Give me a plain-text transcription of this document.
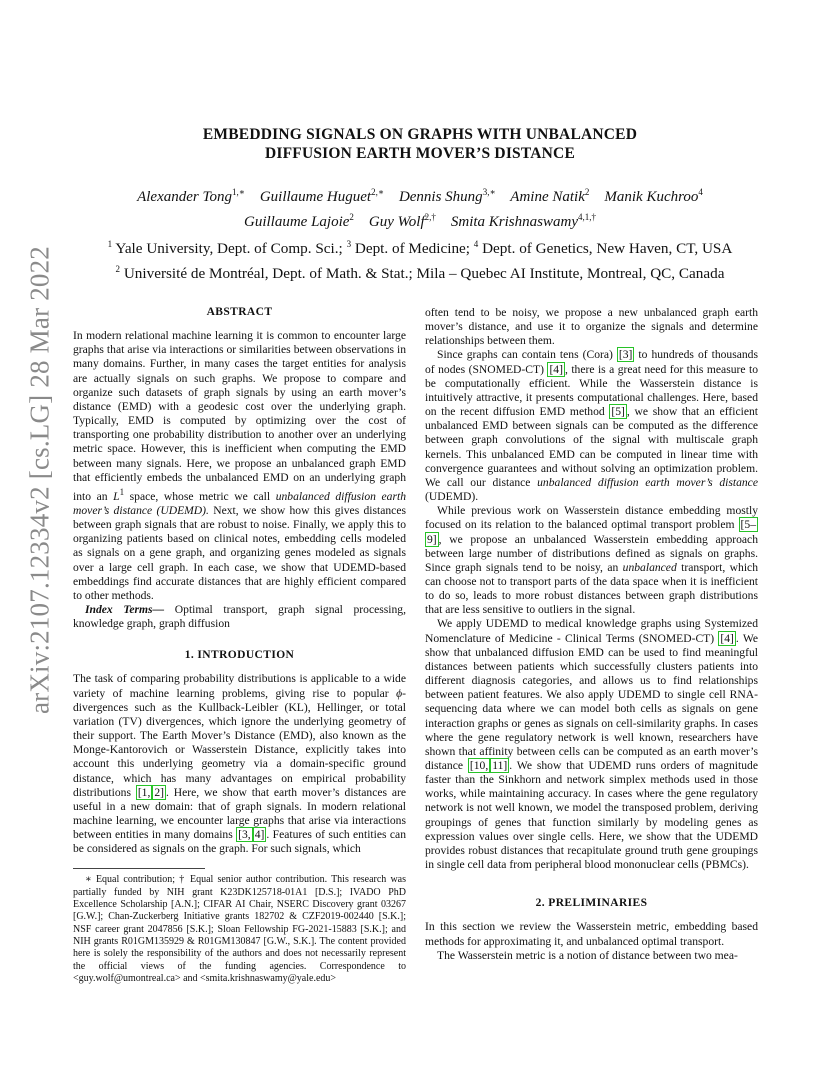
arXiv:2107.12334v2 [cs.LG] 28 Mar 2022
EMBEDDING SIGNALS ON GRAPHS WITH UNBALANCED
DIFFUSION EARTH MOVER’S DISTANCE
Alexander Tong$^{1,∗}$ Guillaume Huguet$^{2,∗}$ Dennis Shung$^{3,∗}$ Amine Natik$^2$ Manik Kuchroo$^4$
Guillaume Lajoie$^2$ Guy Wolf$^{2,\dagger}$ Smita Krishnaswamy$^{4,1,\dagger}$
$^1$ Yale University, Dept. of Comp. Sci.; $^3$ Dept. of Medicine; $^4$ Dept. of Genetics, New Haven, CT, USA
$^2$ Université de Montréal, Dept. of Math. & Stat.; Mila – Quebec AI Institute, Montreal, QC, Canada
ABSTRACT

In modern relational machine learning it is common to encounter large graphs that arise via interactions or similarities between observations in many domains. Further, in many cases the target entities for analysis are actually signals on such graphs. We propose to compare and organize such datasets of graph signals by using an earth mover’s distance (EMD) with a geodesic cost over the underlying graph. Typically, EMD is computed by optimizing over the cost of transporting one probability distribution to another over an underlying metric space. However, this is inefficient when computing the EMD between many signals. Here, we propose an unbalanced graph EMD that efficiently embeds the unbalanced EMD on an underlying graph into an $L^1$ space, whose metric we call unbalanced diffusion earth mover’s distance (UDEMD). Next, we show how this gives distances between graph signals that are robust to noise. Finally, we apply this to organizing patients based on clinical notes, embedding cells modeled as signals on a gene graph, and organizing genes modeled as signals over a large cell graph. In each case, we show that UDEMD-based embeddings find accurate distances that are highly efficient compared to other methods.

Index Terms— Optimal transport, graph signal processing, knowledge graph, graph diffusion

1. INTRODUCTION

The task of comparing probability distributions is applicable to a wide variety of machine learning problems, giving rise to popular ϕ-divergences such as the Kullback-Leibler (KL), Hellinger, or total variation (TV) divergences, which ignore the underlying geometry of their support. The Earth Mover’s Distance (EMD), also known as the Monge-Kantorovich or Wasserstein Distance, explicitly takes into account this underlying geometry via a domain-specific ground distance, which has many advantages on empirical probability distributions [1, 2] . Here, we show that earth mover’s distances are useful in a new domain: that of graph signals. In modern relational machine learning, we encounter large graphs that arise via interactions between entities in many domains [3, 4] . Features of such entities can be considered as signals on the graph. For such signals, which

∗ Equal contribution; † Equal senior author contribution. This research was partially funded by NIH grant K23DK125718-01A1 [D.S.]; IVADO PhD Excellence Scholarship [A.N.]; CIFAR AI Chair, NSERC Discovery grant 03267 [G.W.]; Chan-Zuckerberg Initiative grants 182702 & CZF2019-002440 [S.K.]; NSF career grant 2047856 [S.K.]; Sloan Fellowship FG-2021-15883 [S.K.]; and NIH grants R01GM135929 & R01GM130847 [G.W., S.K.]. The content provided here is solely the responsibility of the authors and does not necessarily represent the official views of the funding agencies. Correspondence to <guy.wolf@umontreal.ca> and <smita.krishnaswamy@yale.edu>

often tend to be noisy, we propose a new unbalanced graph earth mover’s distance, and use it to organize the signals and determine relationships between them.

Since graphs can contain tens (Cora) [3] to hundreds of thousands of nodes (SNOMED-CT) [4] , there is a great need for this measure to be computationally efficient. While the Wasserstein distance is intuitively attractive, it presents computational challenges. Here, based on the recent diffusion EMD method [5] , we show that an efficient unbalanced EMD between signals can be computed as the difference between graph convolutions of the signal with multiscale graph kernels. This unbalanced EMD can be computed in linear time with convergence guarantees and without solving an optimization problem. We call our distance unbalanced diffusion earth mover’s distance (UDEMD).

While previous work on Wasserstein distance embedding mostly focused on its relation to the balanced optimal transport problem [5–9] , we propose an unbalanced Wasserstein embedding approach between large number of distributions defined as signals on graphs. Since graph signals tend to be noisy, an unbalanced transport, which can choose not to transport parts of the data space when it is inefficient to do so, leads to more robust distances between graph distributions that are less sensitive to outliers in the signal.

We apply UDEMD to medical knowledge graphs using Systemized Nomenclature of Medicine - Clinical Terms (SNOMED-CT) [4] . We show that unbalanced diffusion EMD can be used to find meaningful distances between patients which successfully clusters patients into different diagnosis categories, and allows us to find relationships between patient features. We also apply UDEMD to single cell RNA-sequencing data where we can model both cells as signals on gene interaction graphs or genes as signals on cell-similarity graphs. In cases where the gene regulatory network is well known, researchers have shown that affinity between cells can be computed as an earth mover’s distance [10, 11] . We show that UDEMD runs orders of magnitude faster than the Sinkhorn and network simplex methods used in those works, while maintaining accuracy. In cases where the gene regulatory network is not well known, we model the transposed problem, deriving groupings of genes that function similarly by modeling genes as expression values over single cells. Here, we show that the UDEMD provides robust distances that recapitulate ground truth gene groupings in single cell data from peripheral blood mononuclear cells (PBMCs).

2. PRELIMINARIES

In this section we review the Wasserstein metric, embedding based methods for approximating it, and unbalanced optimal transport.

The Wasserstein metric is a notion of distance between two mea-
